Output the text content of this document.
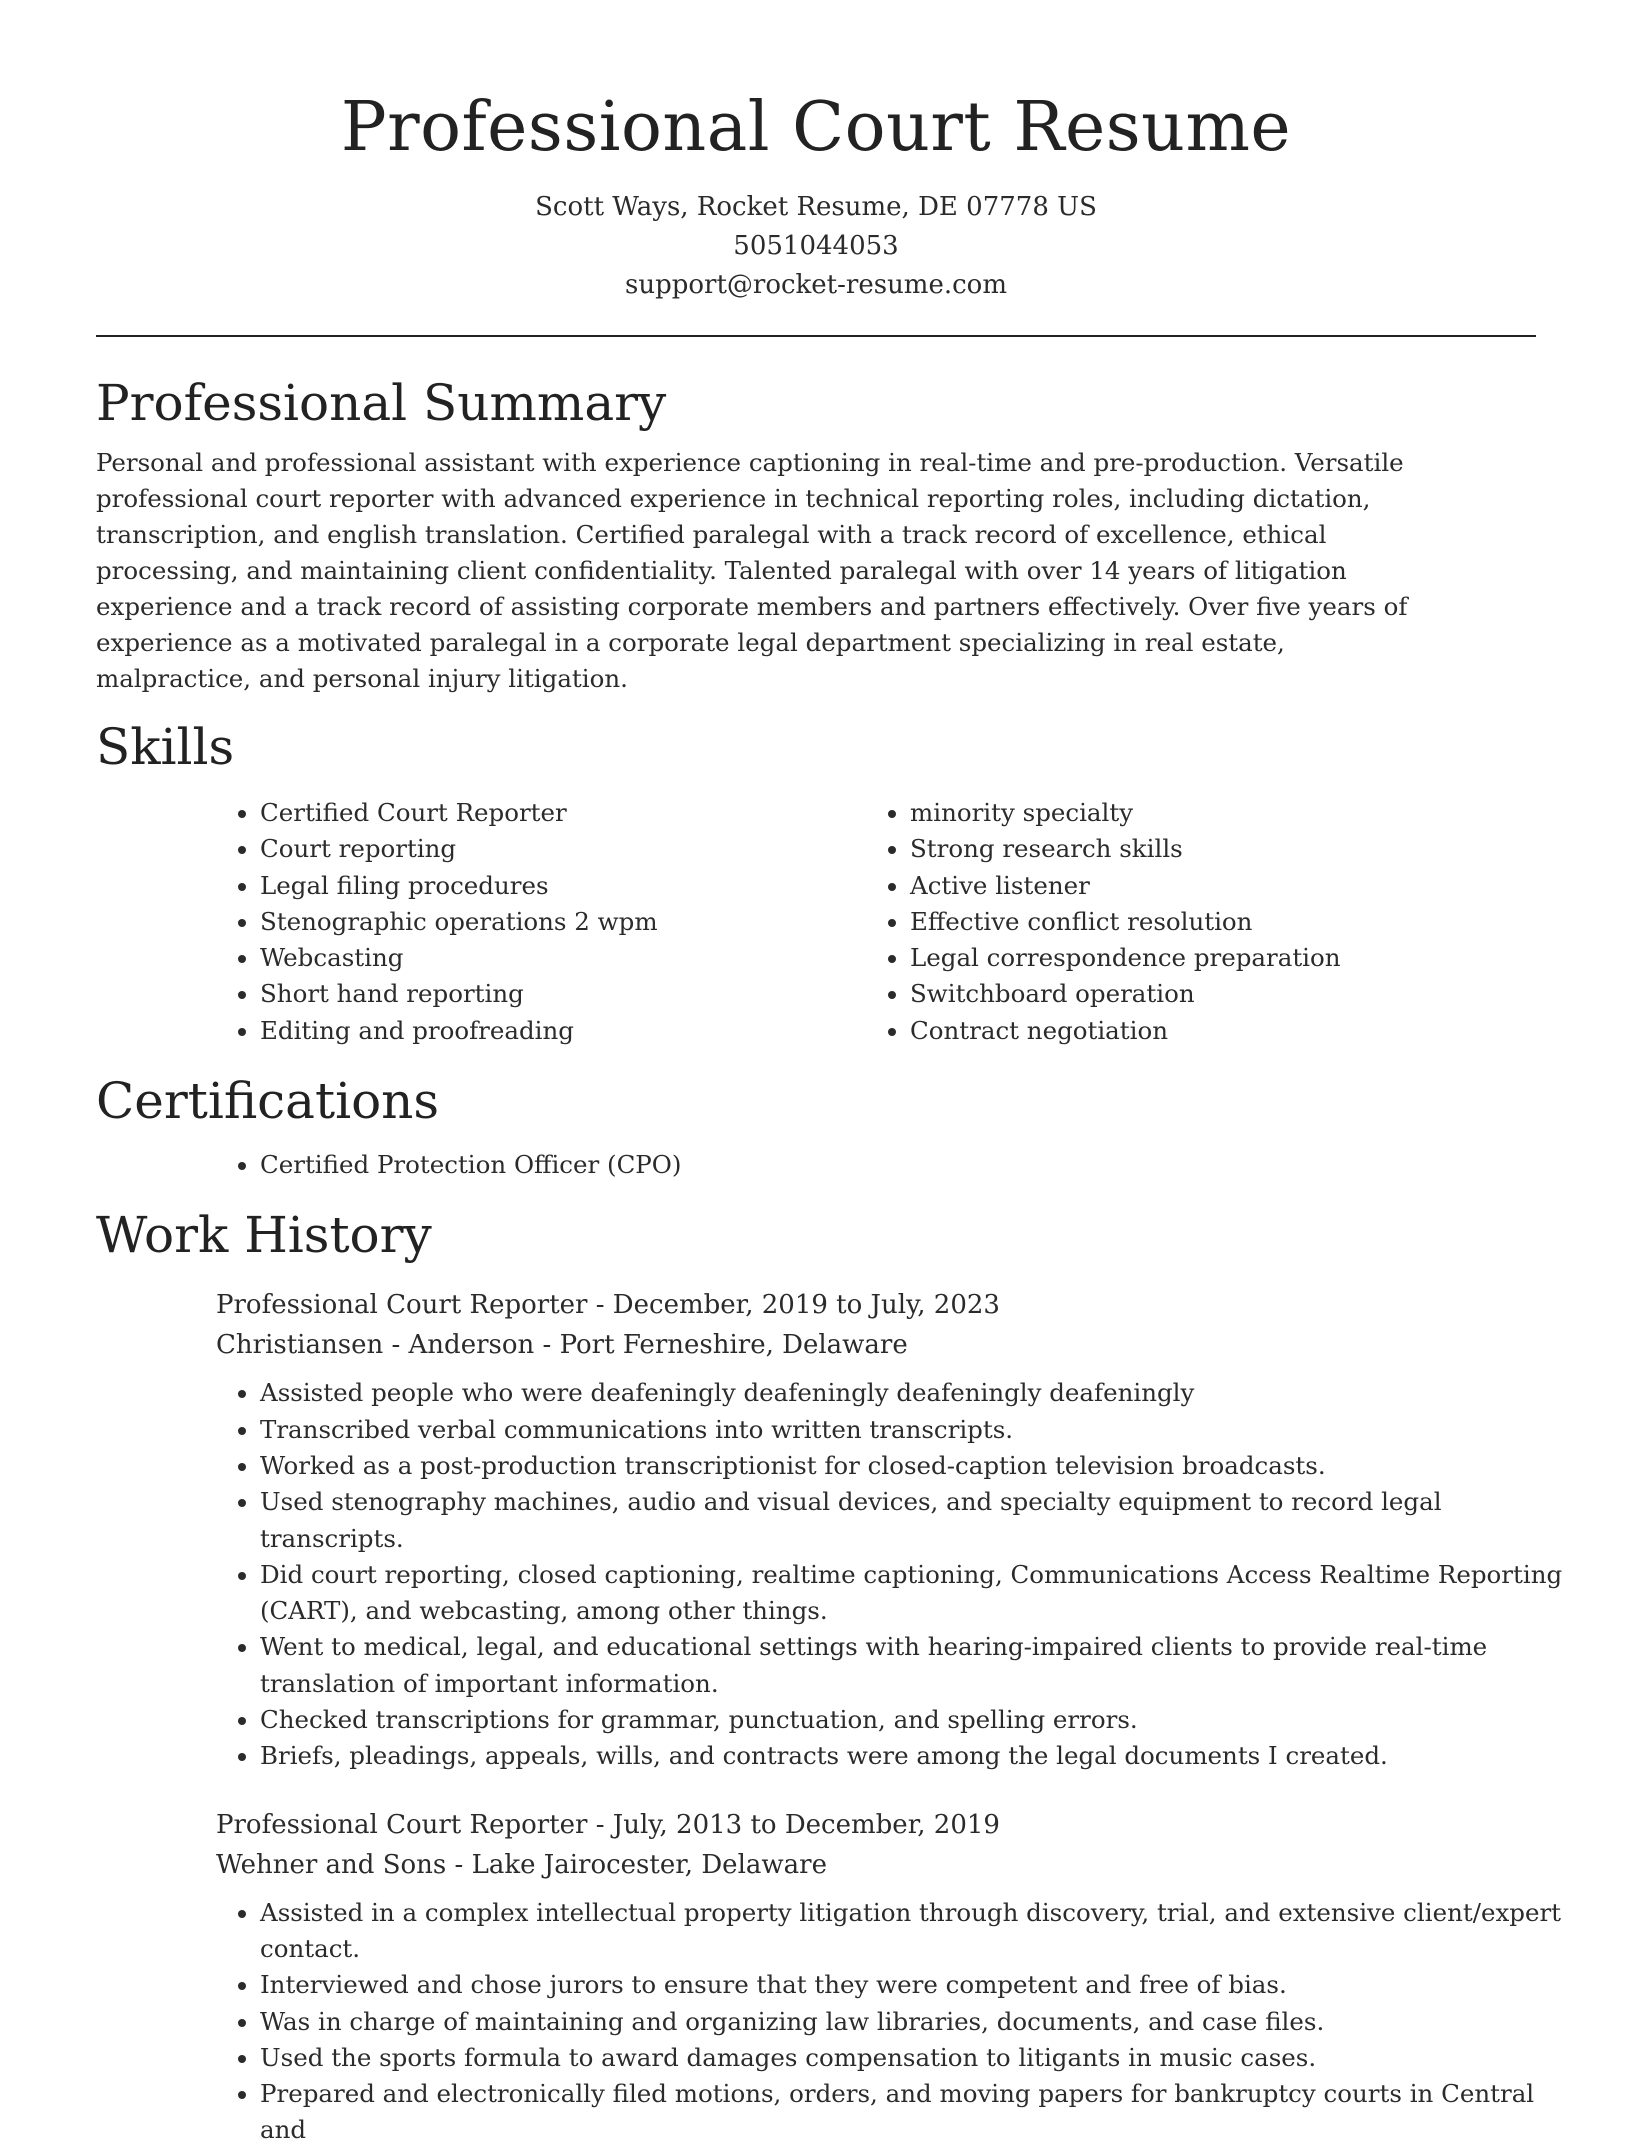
Professional Court Resume
Scott Ways, Rocket Resume, DE 07778 US
5051044053
support@rocket-resume.com
Professional Summary

Personal and professional assistant with experience captioning in real-time and pre-production. Versatile professional court reporter with advanced experience in technical reporting roles, including dictation, transcription, and english translation. Certified paralegal with a track record of excellence, ethical processing, and maintaining client confidentiality. Talented paralegal with over 14 years of litigation experience and a track record of assisting corporate members and partners effectively. Over five years of experience as a motivated paralegal in a corporate legal department specializing in real estate, malpractice, and personal injury litigation.

Skills
• Certified Court Reporter
• Court reporting
• Legal filing procedures
• Stenographic operations 2 wpm
• Webcasting
• Short hand reporting
• Editing and proofreading
• minority specialty
• Strong research skills
• Active listener
• Effective conflict resolution
• Legal correspondence preparation
• Switchboard operation
• Contract negotiation
Certifications
• Certified Protection Officer (CPO)
Work History
Professional Court Reporter - December, 2019 to July, 2023
Christiansen - Anderson - Port Ferneshire, Delaware
• Assisted people who were deafeningly deafeningly deafeningly deafeningly
• Transcribed verbal communications into written transcripts.
• Worked as a post-production transcriptionist for closed-caption television broadcasts.
• Used stenography machines, audio and visual devices, and specialty equipment to record legal transcripts.
• Did court reporting, closed captioning, realtime captioning, Communications Access Realtime Reporting (CART), and webcasting, among other things.
• Went to medical, legal, and educational settings with hearing-impaired clients to provide real-time translation of important information.
• Checked transcriptions for grammar, punctuation, and spelling errors.
• Briefs, pleadings, appeals, wills, and contracts were among the legal documents I created.
Professional Court Reporter - July, 2013 to December, 2019
Wehner and Sons - Lake Jairocester, Delaware
• Assisted in a complex intellectual property litigation through discovery, trial, and extensive client/expert contact.
• Interviewed and chose jurors to ensure that they were competent and free of bias.
• Was in charge of maintaining and organizing law libraries, documents, and case files.
• Used the sports formula to award damages compensation to litigants in music cases.
• Prepared and electronically filed motions, orders, and moving papers for bankruptcy courts in Central and
